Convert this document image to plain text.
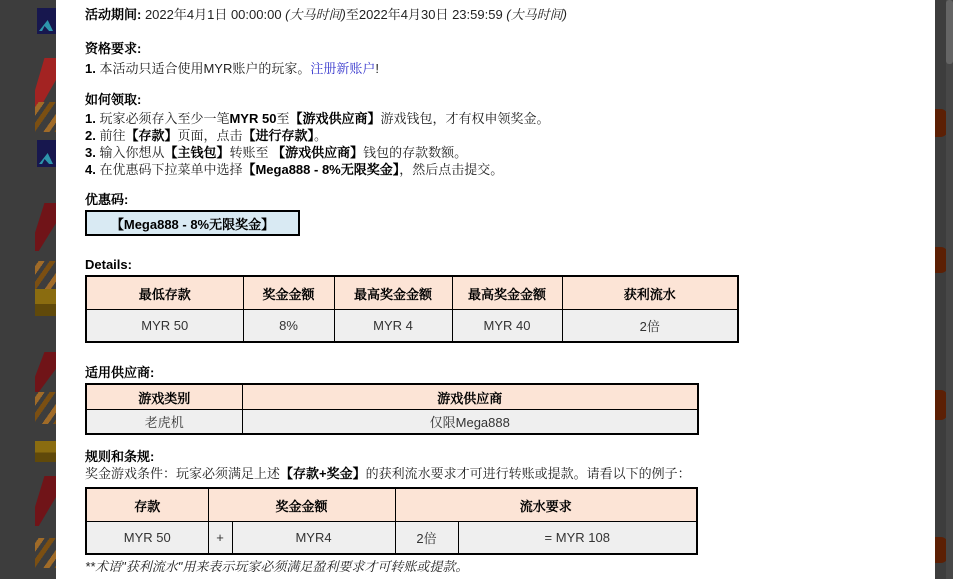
活动期间: 2022年4月1日 00:00:00 (大马时间)至2022年4月30日 23:59:59 (大马时间)

资格要求:

1. 本活动只适合使用MYR账户的玩家。注册新账户!

如何领取:

1. 玩家必须存入至少一笔MYR 50至【游戏供应商】游戏钱包，才有权申领奖金。

2. 前往【存款】页面，点击【进行存款】。

3. 输入你想从【主钱包】转账至 【游戏供应商】钱包的存款数额。

4. 在优惠码下拉菜单中选择【Mega888 - 8%无限奖金】，然后点击提交。

优惠码:

【Mega888 - 8%无限奖金】

Details:

最低存款	奖金金额	最高奖金金额	最高奖金金额	获利流水
MYR 50	8%	MYR 4	MYR 40	2倍

适用供应商:

游戏类别	游戏供应商
老虎机	仅限Mega888

规则和条规:

奖金游戏条件：玩家必须满足上述【存款+奖金】的获利流水要求才可进行转账或提款。请看以下的例子：

存款	奖金金额		流水要求	
MYR 50	+	MYR4	2倍	= MYR 108

**术语"获利流水"用来表示玩家必须满足盈利要求才可转账或提款。
